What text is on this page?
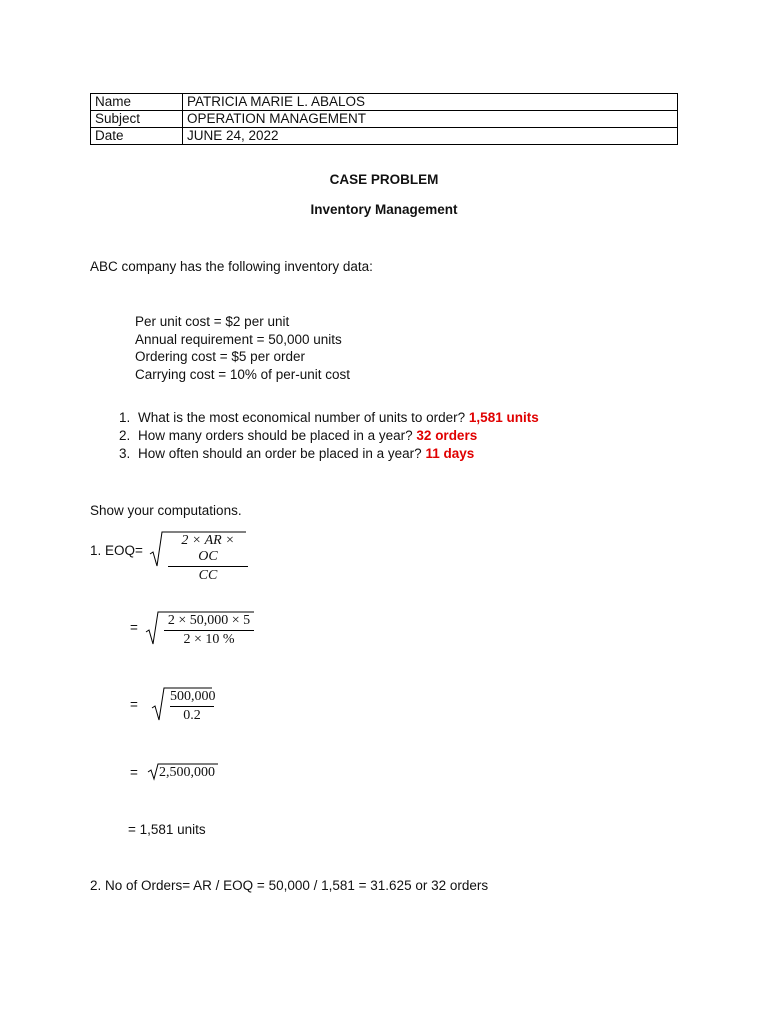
Name	PATRICIA MARIE L. ABALOS
Subject	OPERATION MANAGEMENT
Date	JUNE 24, 2022
CASE PROBLEM
Inventory Management
ABC company has the following inventory data:
Per unit cost = $2 per unit
Annual requirement = 50,000 units
Ordering cost = $5 per order
Carrying cost = 10% of per-unit cost
1. What is the most economical number of units to order? 1,581 units
2. How many orders should be placed in a year? 32 orders
3. How often should an order be placed in a year? 11 days
Show your computations.
1. $EOQ= \frac{2 \times AR \times OC}{CC}$
= $\frac{2 \times 50,000 \times 5}{2 \times 10 \%}$
= $\frac{500,000}{0.2}$
= 2,500,000
= 1,581 units
2. No of Orders= AR / EOQ = 50,000 / 1,581 = 31.625 or 32 orders
